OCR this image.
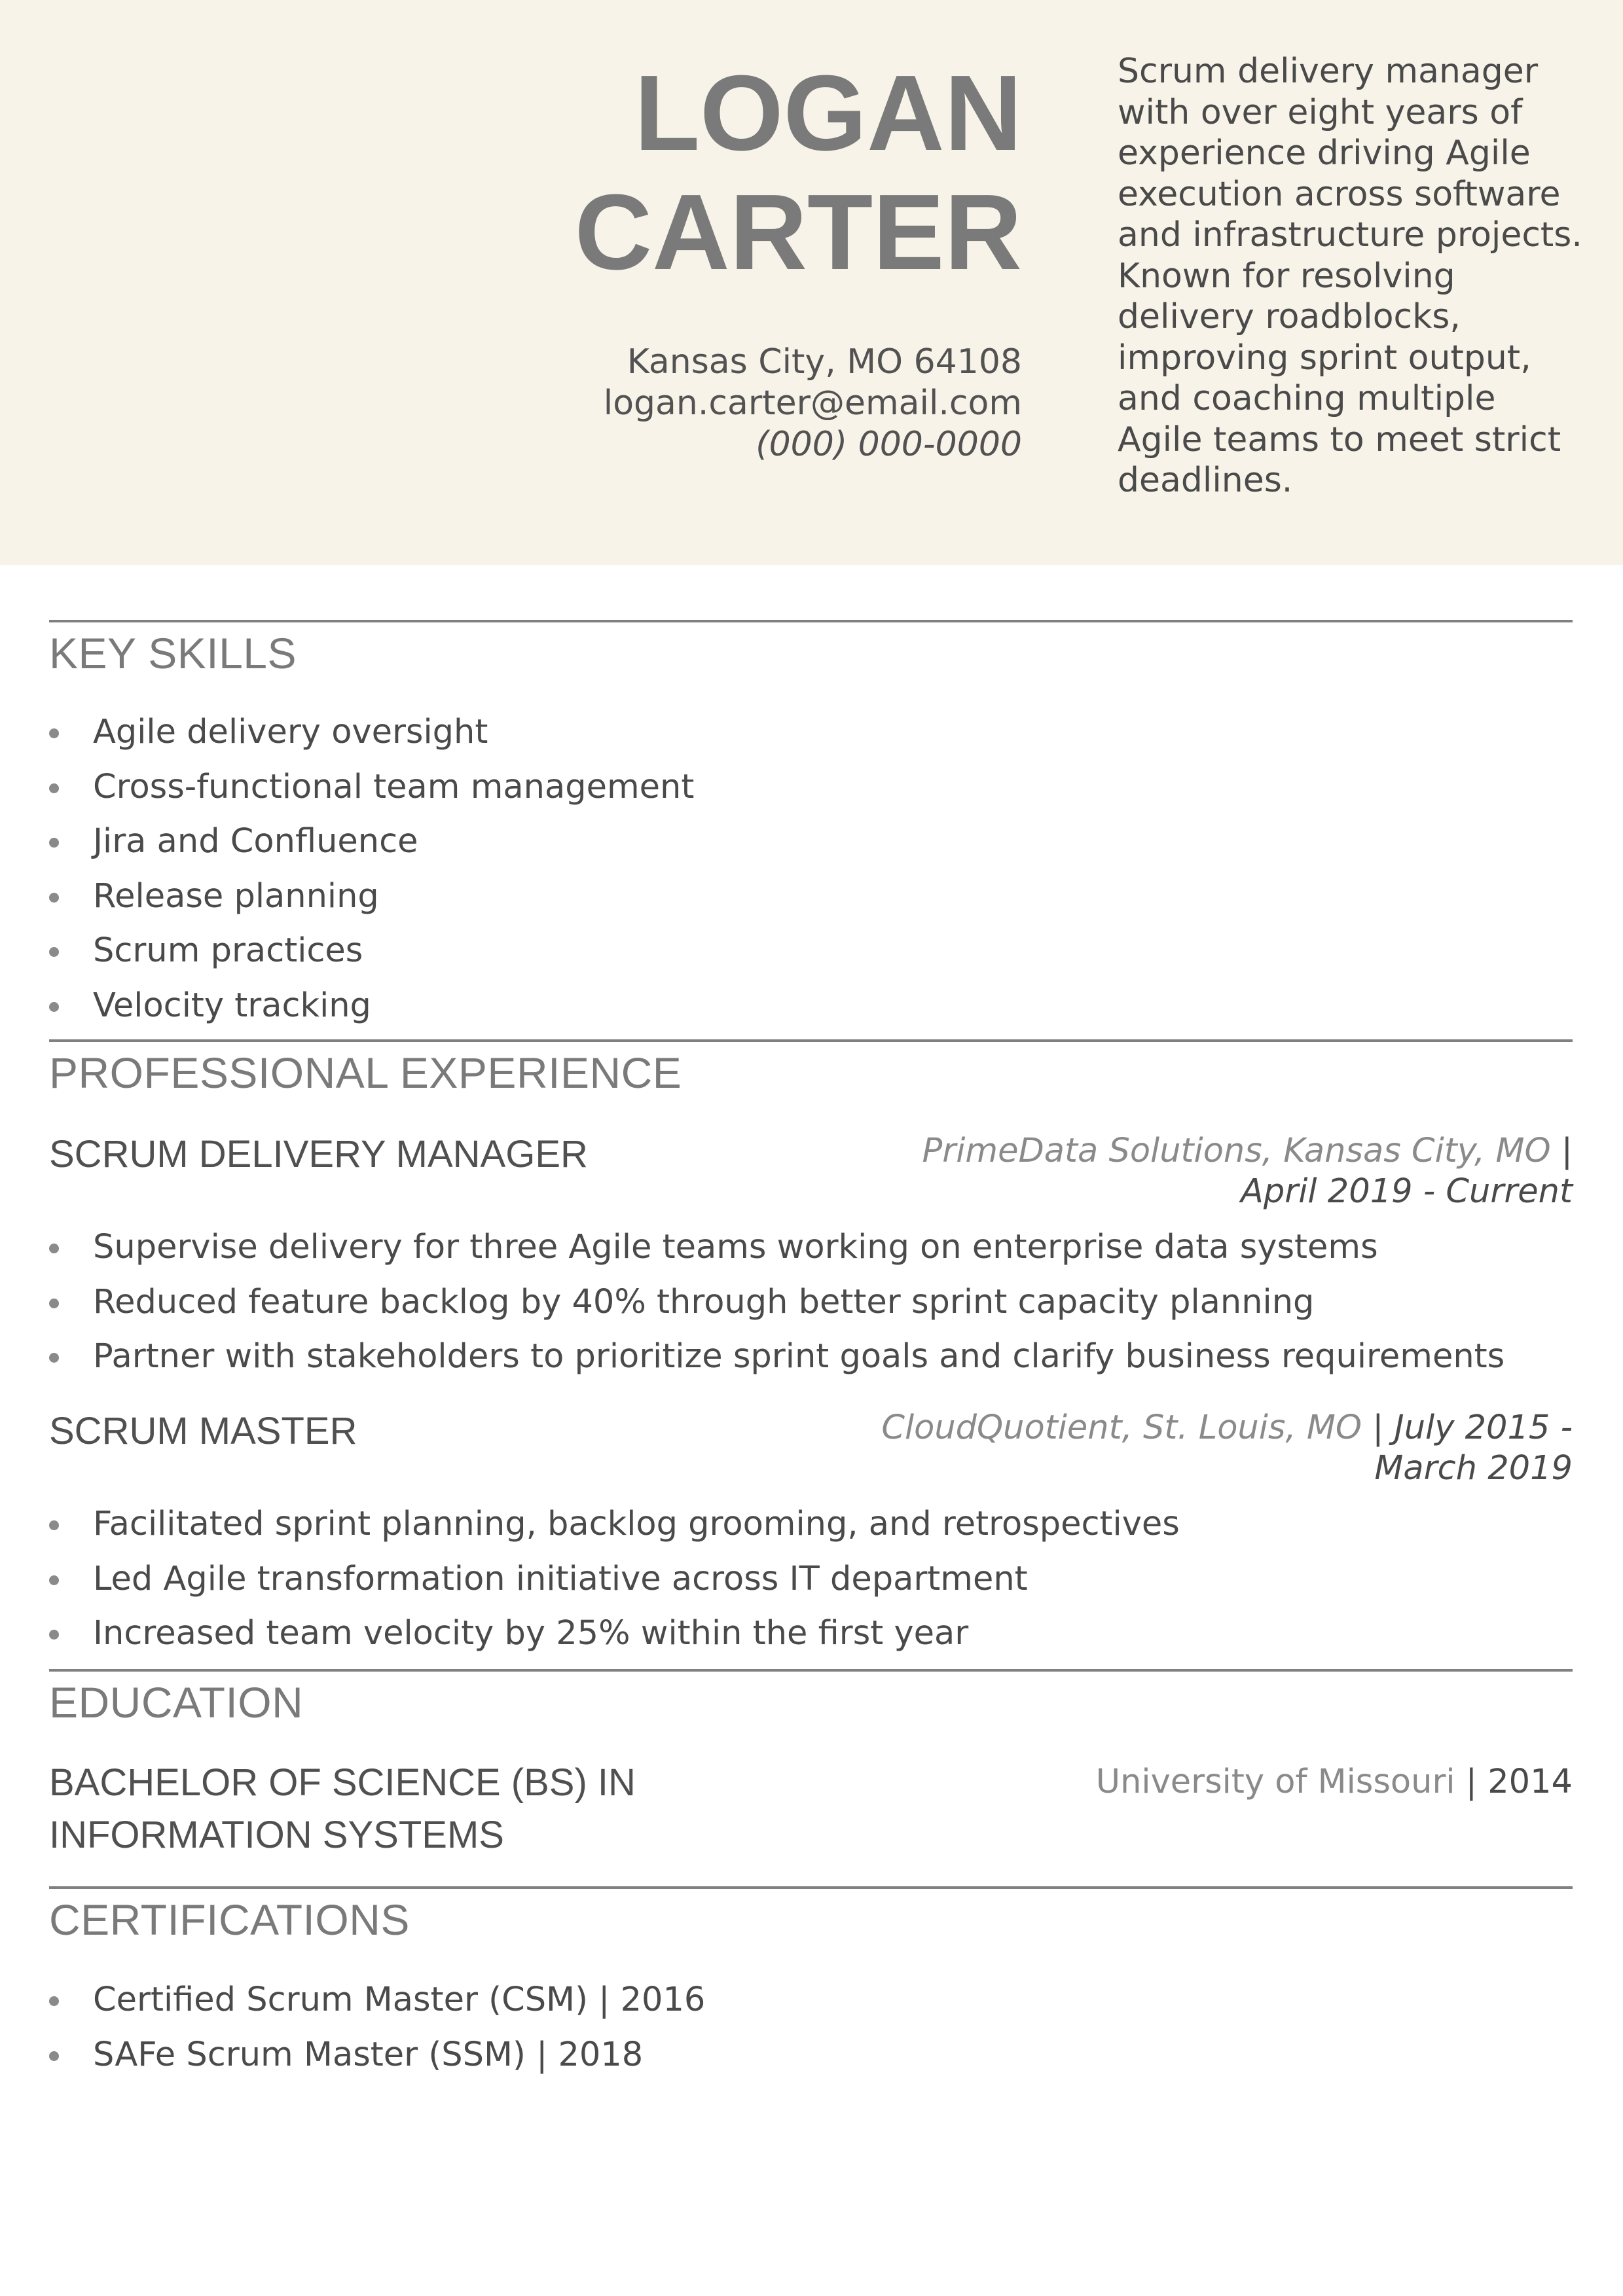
LOGAN
CARTER
Kansas City, MO 64108
logan.carter@email.com
(000) 000-0000
Scrum delivery manager with over eight years of experience driving Agile execution across software and infrastructure projects. Known for resolving delivery roadblocks, improving sprint output, and coaching multiple Agile teams to meet strict deadlines.
KEY SKILLS
Agile delivery oversight
Cross-functional team management
Jira and Confluence
Release planning
Scrum practices
Velocity tracking
PROFESSIONAL EXPERIENCE
SCRUM DELIVERY MANAGER	PrimeData Solutions, Kansas City, MO |
April 2019 - Current
Supervise delivery for three Agile teams working on enterprise data systems
Reduced feature backlog by 40% through better sprint capacity planning
Partner with stakeholders to prioritize sprint goals and clarify business requirements
SCRUM MASTER	CloudQuotient, St. Louis, MO | July 2015 -
March 2019
Facilitated sprint planning, backlog grooming, and retrospectives
Led Agile transformation initiative across IT department
Increased team velocity by 25% within the first year
EDUCATION
BACHELOR OF SCIENCE (BS) IN
INFORMATION SYSTEMS
University of Missouri | 2014
CERTIFICATIONS
Certified Scrum Master (CSM) | 2016
SAFe Scrum Master (SSM) | 2018
